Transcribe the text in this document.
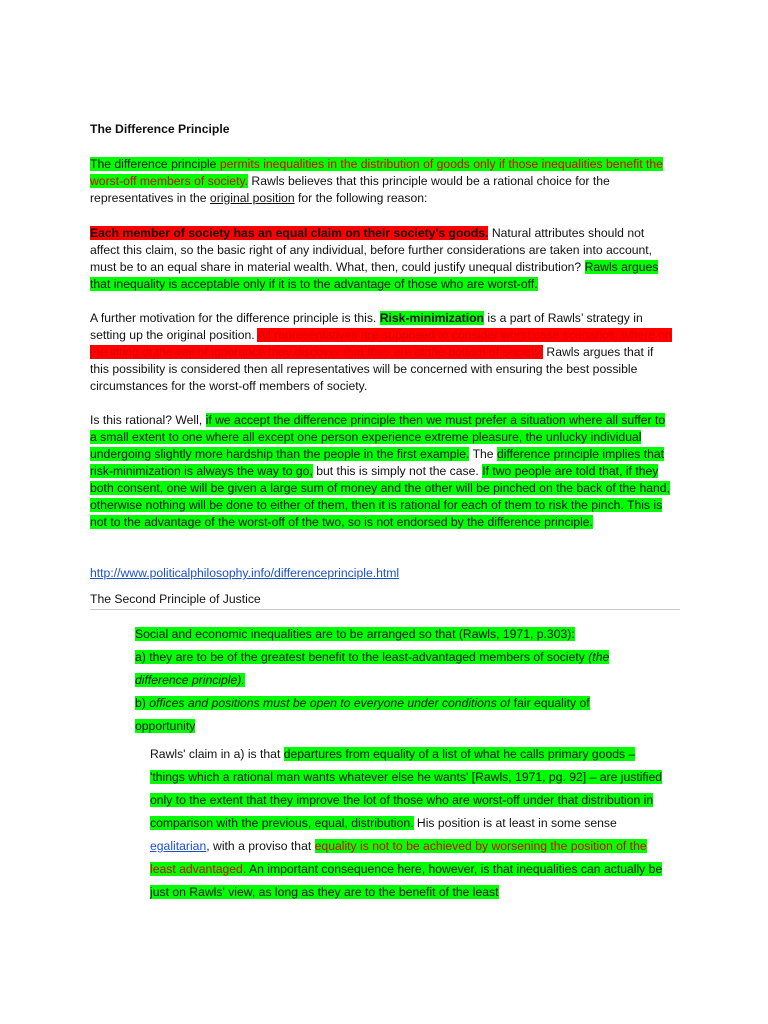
The Difference Principle
The difference principle permits inequalities in the distribution of goods only if those inequalities benefit the worst-off members of society. Rawls believes that this principle would be a rational choice for the representatives in the original position for the following reason:
Each member of society has an equal claim on their society's goods. Natural attributes should not affect this claim, so the basic right of any individual, before further considerations are taken into account, must be to an equal share in material wealth. What, then, could justify unequal distribution? Rawls argues that inequality is acceptable only if it is to the advantage of those who are worst-off.
A further motivation for the difference principle is this. Risk-minimization is a part of Rawls’ strategy in setting up the original position. All representatives are supposed to consider worst case scenarios, where on the lifting of the veil of ignorance they discover that they are at the bottom of society. Rawls argues that if this possibility is considered then all representatives will be concerned with ensuring the best possible circumstances for the worst-off members of society.
Is this rational? Well, if we accept the difference principle then we must prefer a situation where all suffer to a small extent to one where all except one person experience extreme pleasure, the unlucky individual undergoing slightly more hardship than the people in the first example. The difference principle implies that risk-minimization is always the way to go, but this is simply not the case. If two people are told that, if they both consent, one will be given a large sum of money and the other will be pinched on the back of the hand, otherwise nothing will be done to either of them, then it is rational for each of them to risk the pinch. This is not to the advantage of the worst-off of the two, so is not endorsed by the difference principle.
http://www.politicalphilosophy.info/differenceprinciple.html
The Second Principle of Justice
Social and economic inequalities are to be arranged so that (Rawls, 1971, p.303):
a) they are to be of the greatest benefit to the least-advantaged members of society (the difference principle).
b) offices and positions must be open to everyone under conditions of fair equality of opportunity
Rawls' claim in a) is that departures from equality of a list of what he calls primary goods – 'things which a rational man wants whatever else he wants' [Rawls, 1971, pg. 92] – are justified only to the extent that they improve the lot of those who are worst-off under that distribution in comparison with the previous, equal, distribution. His position is at least in some sense egalitarian, with a proviso that equality is not to be achieved by worsening the position of the least advantaged. An important consequence here, however, is that inequalities can actually be just on Rawls' view, as long as they are to the benefit of the least
